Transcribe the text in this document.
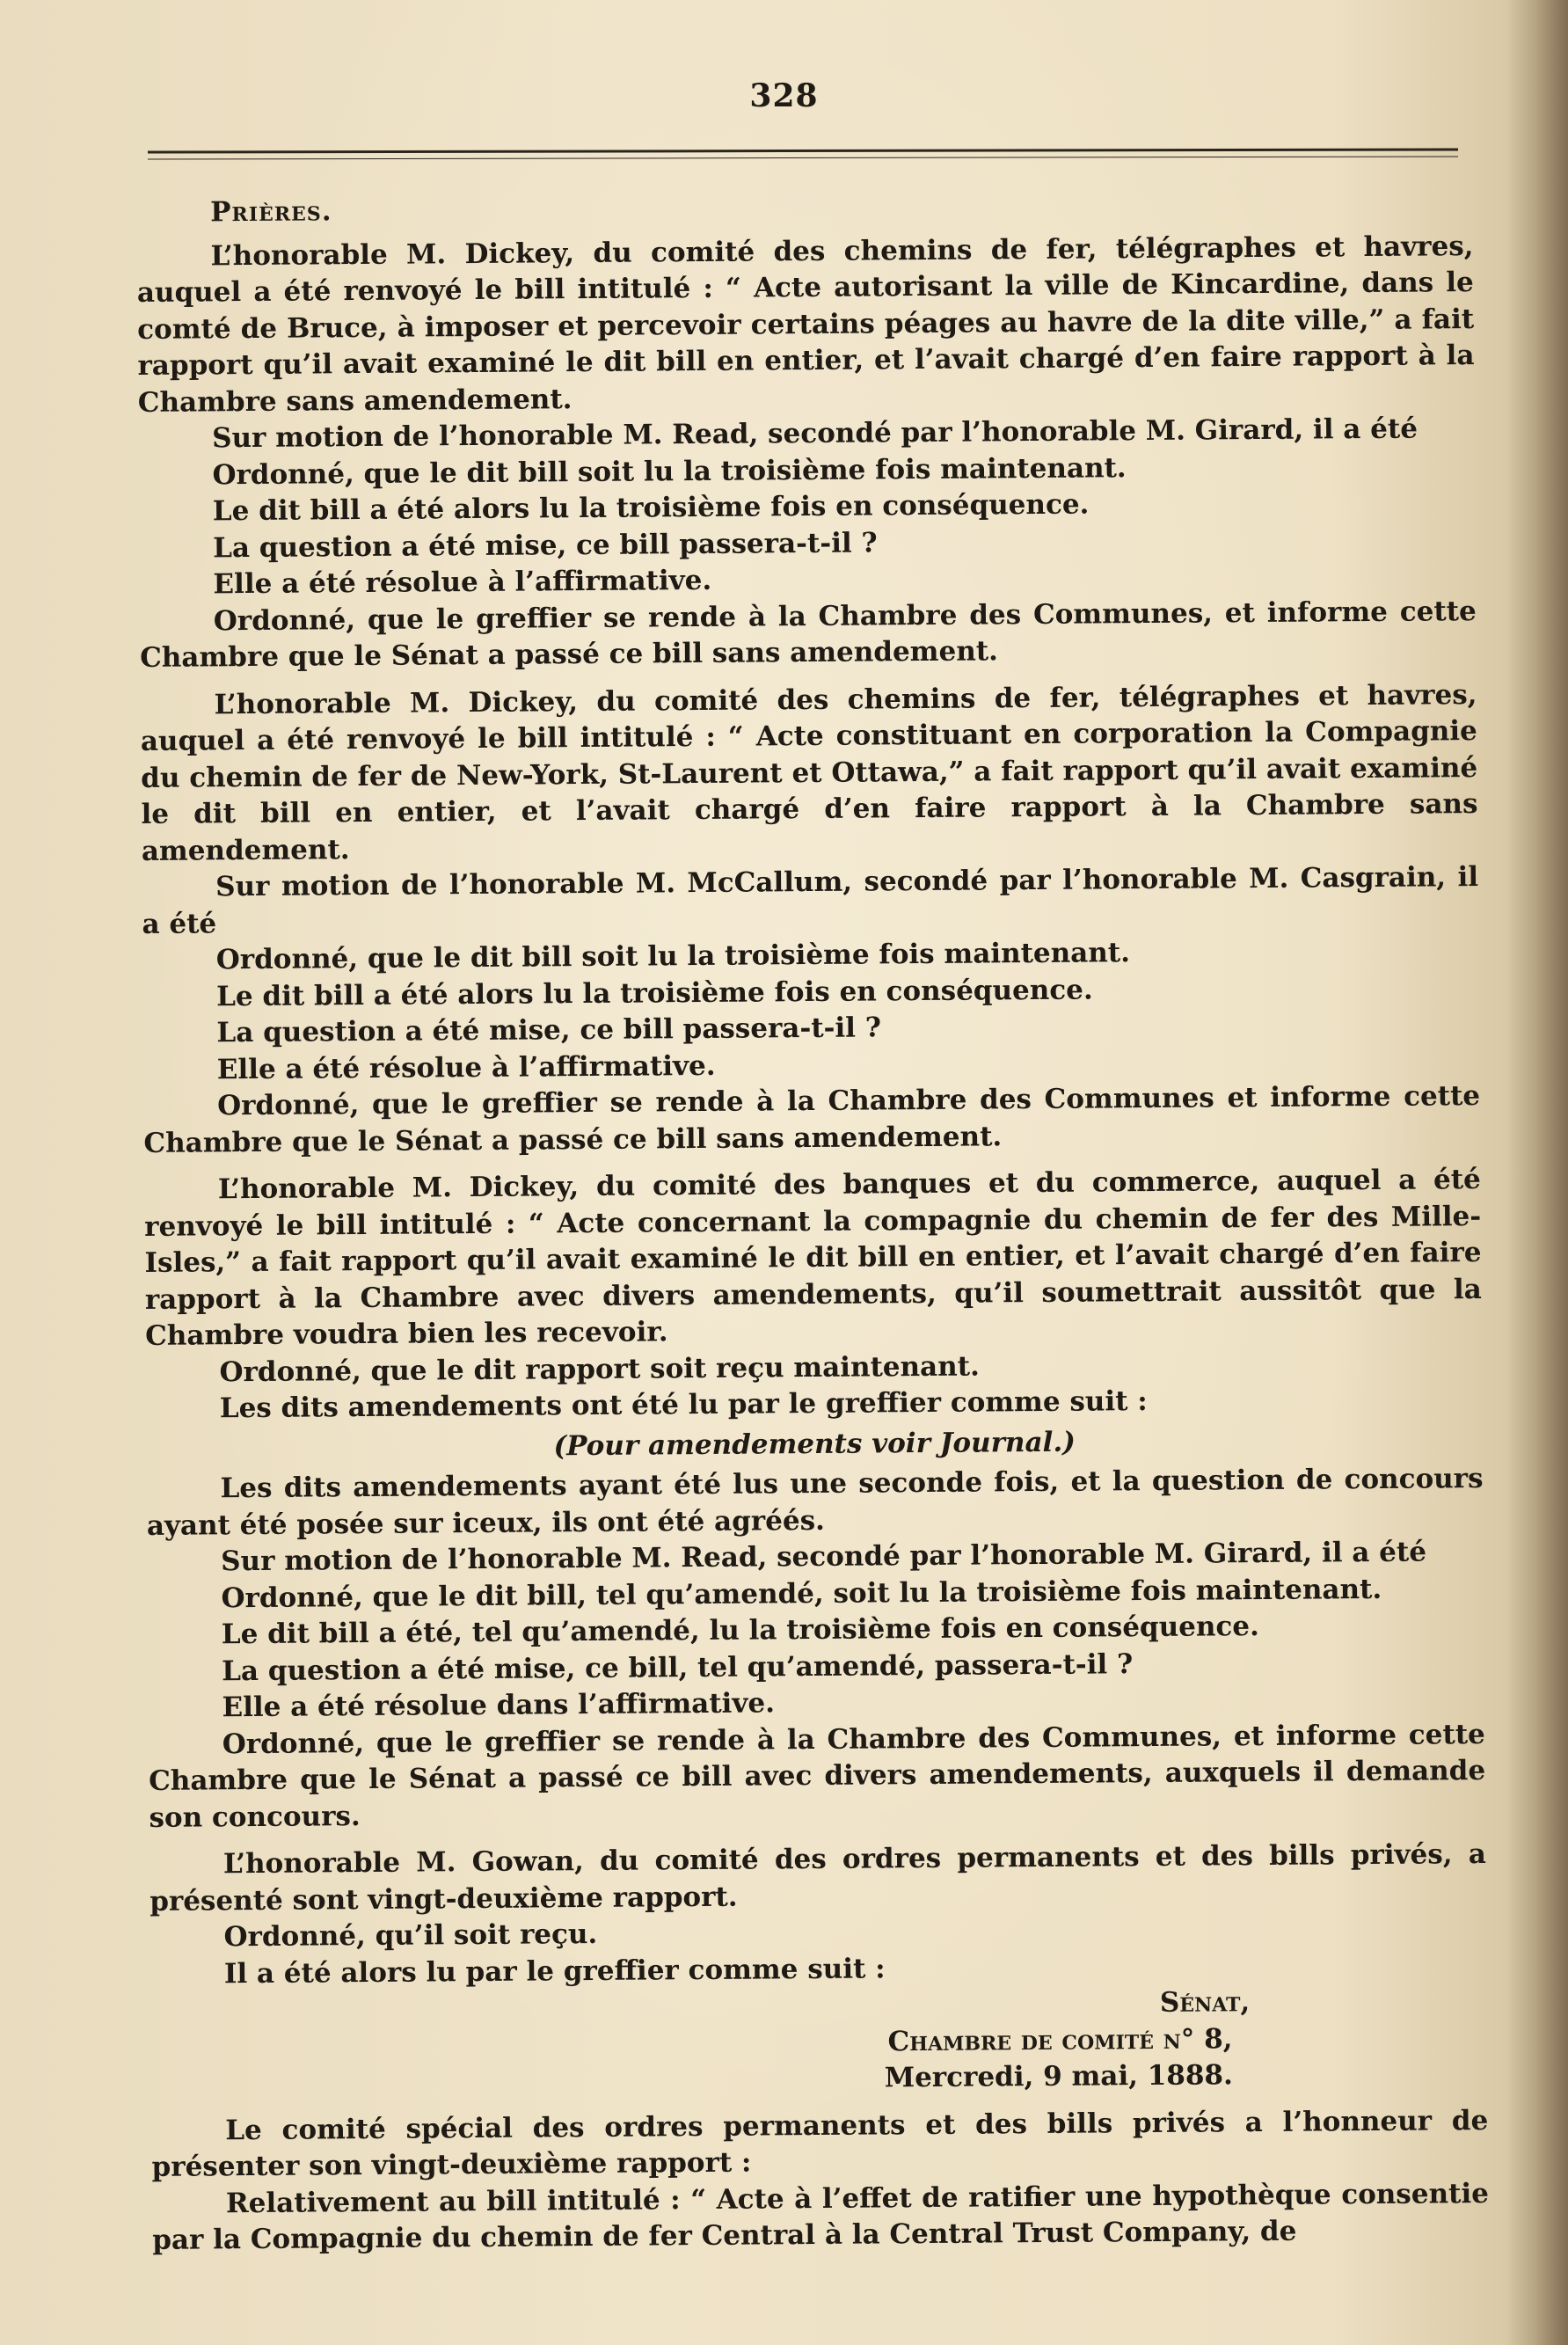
328

Prières.

L’honorable M. Dickey, du comité des chemins de fer, télégraphes et havres, auquel a été renvoyé le bill intitulé : “ Acte autorisant la ville de Kincardine, dans le comté de Bruce, à imposer et percevoir certains péages au havre de la dite ville,” a fait rapport qu’il avait examiné le dit bill en entier, et l’avait chargé d’en faire rapport à la Chambre sans amendement.

Sur motion de l’honorable M. Read, secondé par l’honorable M. Girard, il a été

Ordonné, que le dit bill soit lu la troisième fois maintenant.

Le dit bill a été alors lu la troisième fois en conséquence.

La question a été mise, ce bill passera-t-il ?

Elle a été résolue à l’affirmative.

Ordonné, que le greffier se rende à la Chambre des Communes, et informe cette Chambre que le Sénat a passé ce bill sans amendement.

L’honorable M. Dickey, du comité des chemins de fer, télégraphes et havres, auquel a été renvoyé le bill intitulé : “ Acte constituant en corporation la Compagnie du chemin de fer de New-York, St-Laurent et Ottawa,” a fait rapport qu’il avait examiné le dit bill en entier, et l’avait chargé d’en faire rapport à la Chambre sans amendement.

Sur motion de l’honorable M. McCallum, secondé par l’honorable M. Casgrain, il a été

Ordonné, que le dit bill soit lu la troisième fois maintenant.

Le dit bill a été alors lu la troisième fois en conséquence.

La question a été mise, ce bill passera-t-il ?

Elle a été résolue à l’affirmative.

Ordonné, que le greffier se rende à la Chambre des Communes et informe cette Chambre que le Sénat a passé ce bill sans amendement.

L’honorable M. Dickey, du comité des banques et du commerce, auquel a été renvoyé le bill intitulé : “ Acte concernant la compagnie du chemin de fer des Mille-Isles,” a fait rapport qu’il avait examiné le dit bill en entier, et l’avait chargé d’en faire rapport à la Chambre avec divers amendements, qu’il soumettrait aussitôt que la Chambre voudra bien les recevoir.

Ordonné, que le dit rapport soit reçu maintenant.

Les dits amendements ont été lu par le greffier comme suit :

(Pour amendements voir Journal.)

Les dits amendements ayant été lus une seconde fois, et la question de concours ayant été posée sur iceux, ils ont été agréés.

Sur motion de l’honorable M. Read, secondé par l’honorable M. Girard, il a été

Ordonné, que le dit bill, tel qu’amendé, soit lu la troisième fois maintenant.

Le dit bill a été, tel qu’amendé, lu la troisième fois en conséquence.

La question a été mise, ce bill, tel qu’amendé, passera-t-il ?

Elle a été résolue dans l’affirmative.

Ordonné, que le greffier se rende à la Chambre des Communes, et informe cette Chambre que le Sénat a passé ce bill avec divers amendements, auxquels il demande son concours.

L’honorable M. Gowan, du comité des ordres permanents et des bills privés, a présenté sont vingt-deuxième rapport.

Ordonné, qu’il soit reçu.

Il a été alors lu par le greffier comme suit :

Sénat,

Chambre de comité n° 8,

Mercredi, 9 mai, 1888.

Le comité spécial des ordres permanents et des bills privés a l’honneur de présenter son vingt-deuxième rapport :

Relativement au bill intitulé : “ Acte à l’effet de ratifier une hypothèque consentie par la Compagnie du chemin de fer Central à la Central Trust Company, de
